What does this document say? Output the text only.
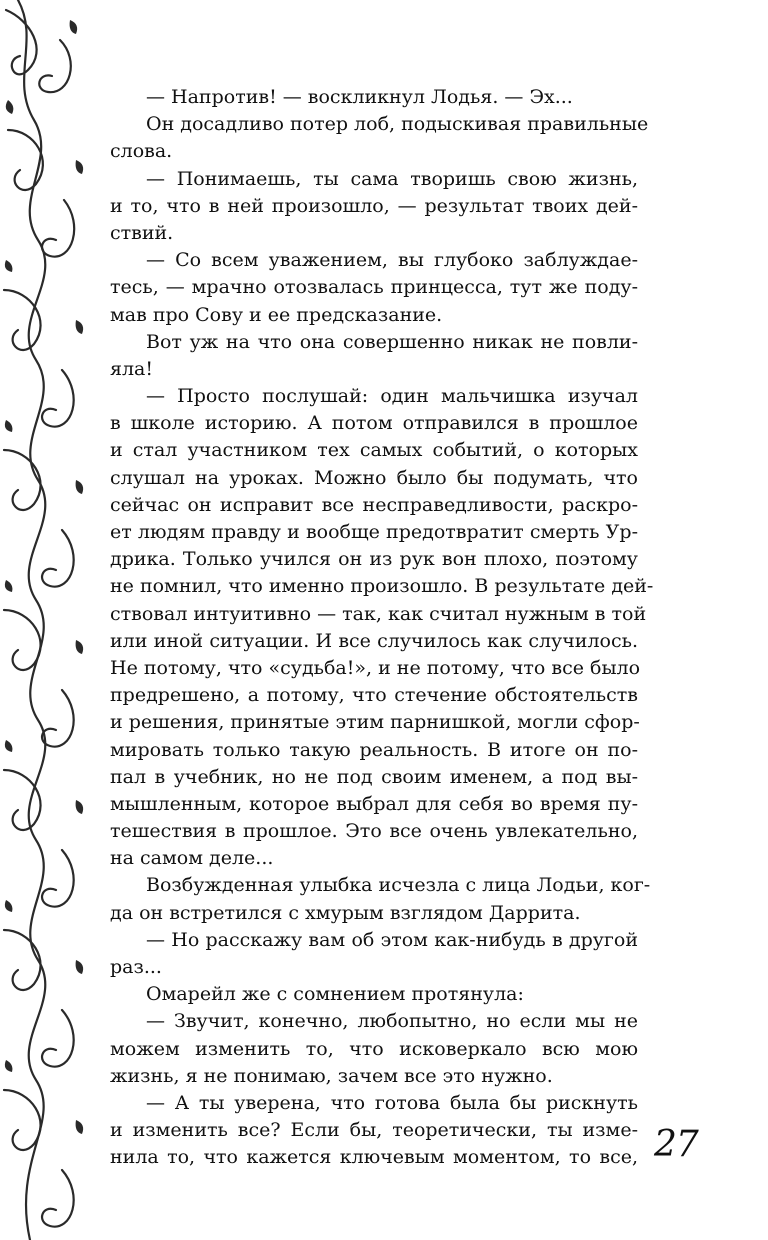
— Напротив! — воскликнул Лодья. — Эх...
Он досадливо потер лоб, подыскивая правильные
слова.
— Понимаешь, ты сама творишь свою жизнь,
и то, что в ней произошло, — результат твоих дей-
ствий.
— Со всем уважением, вы глубоко заблуждае-
тесь, — мрачно отозвалась принцесса, тут же поду-
мав про Сову и ее предсказание.
Вот уж на что она совершенно никак не повли-
яла!
— Просто послушай: один мальчишка изучал
в школе историю. А потом отправился в прошлое
и стал участником тех самых событий, о которых
слушал на уроках. Можно было бы подумать, что
сейчас он исправит все несправедливости, раскро-
ет людям правду и вообще предотвратит смерть Ур-
дрика. Только учился он из рук вон плохо, поэтому
не помнил, что именно произошло. В результате дей-
ствовал интуитивно — так, как считал нужным в той
или иной ситуации. И все случилось как случилось.
Не потому, что «судьба!», и не потому, что все было
предрешено, а потому, что стечение обстоятельств
и решения, принятые этим парнишкой, могли сфор-
мировать только такую реальность. В итоге он по-
пал в учебник, но не под своим именем, а под вы-
мышленным, которое выбрал для себя во время пу-
тешествия в прошлое. Это все очень увлекательно,
на самом деле...
Возбужденная улыбка исчезла с лица Лодьи, ког-
да он встретился с хмурым взглядом Даррита.
— Но расскажу вам об этом как-нибудь в другой
раз...
Омарейл же с сомнением протянула:
— Звучит, конечно, любопытно, но если мы не
можем изменить то, что исковеркало всю мою
жизнь, я не понимаю, зачем все это нужно.
— А ты уверена, что готова была бы рискнуть
и изменить все? Если бы, теоретически, ты изме-
нила то, что кажется ключевым моментом, то все, 27
